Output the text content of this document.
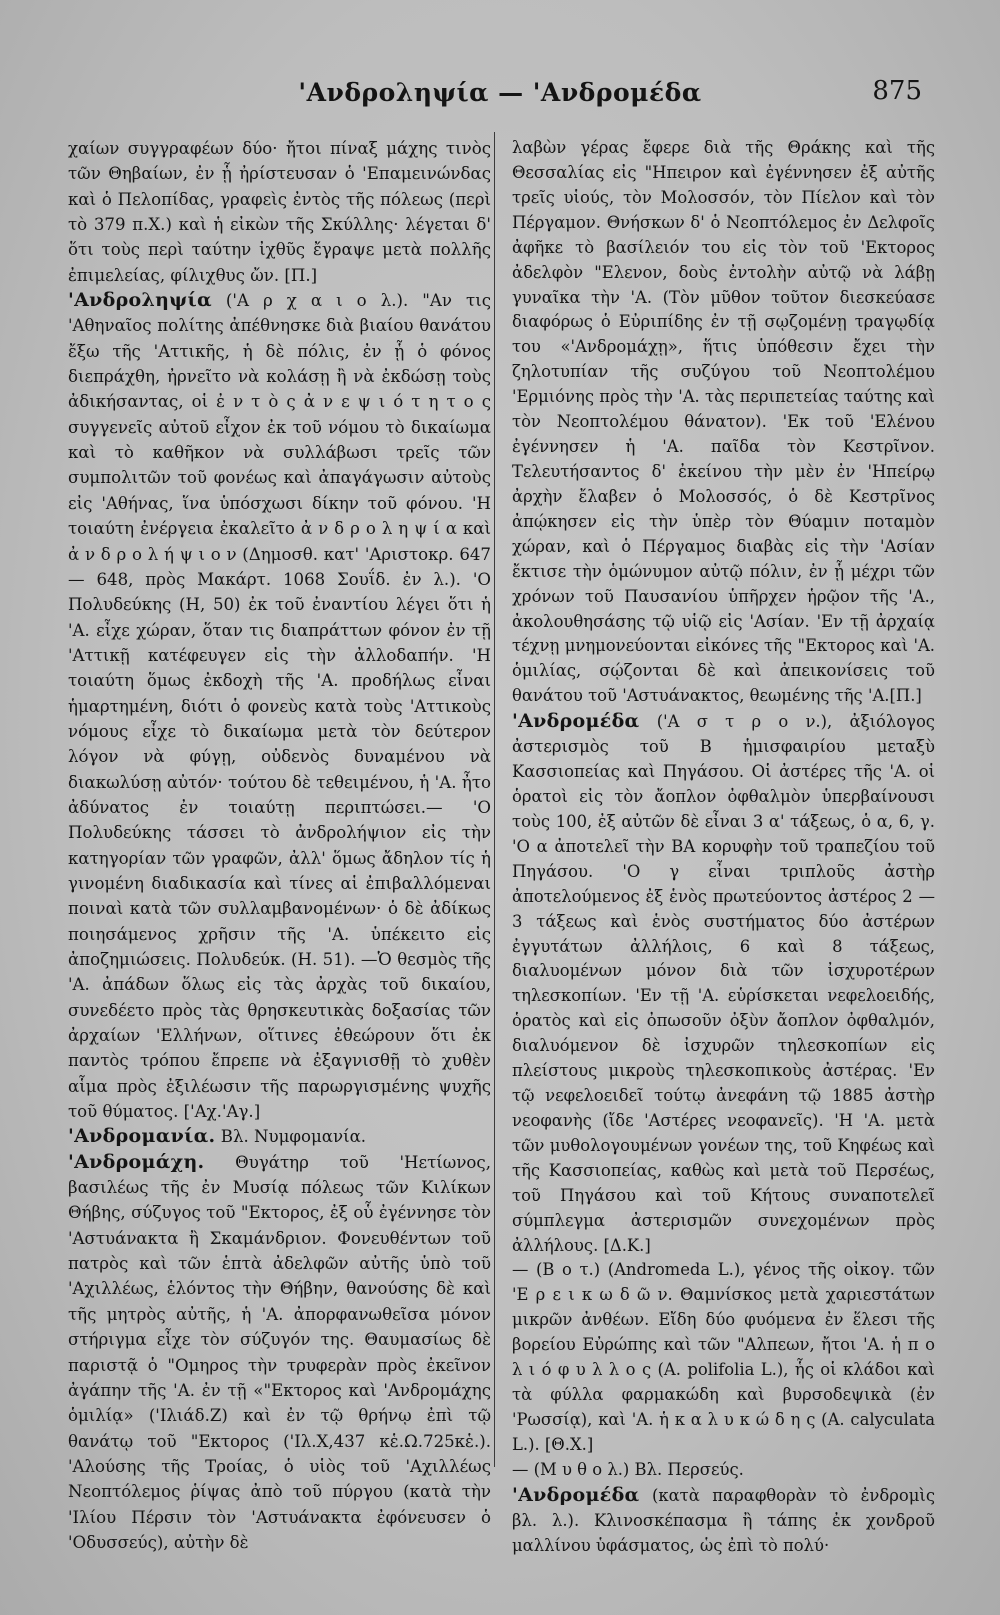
'Ανδροληψία — 'Ανδρομέδα	875

χαίων συγγραφέων δύο· ἤτοι πίναξ μάχης τινὸς τῶν Θηβαίων, ἐν ᾗ ἠρίστευσαν ὁ 'Επαμεινώνδας καὶ ὁ Πελοπίδας, γραφεὶς ἐντὸς τῆς πόλεως (περὶ τὸ 379 π.Χ.) καὶ ἡ εἰκὼν τῆς Σκύλλης· λέγεται δ' ὅτι τοὺς περὶ ταύτην ἰχθῦς ἔγραψε μετὰ πολλῆς ἐπιμελείας, φίλιχθυς ὤν. [Π.]

'Ανδροληψία ('Α ρ χ α ι ο λ.). "Αν τις 'Αθηναῖος πολίτης ἀπέθνησκε διὰ βιαίου θανάτου ἔξω τῆς 'Αττικῆς, ἡ δὲ πόλις, ἐν ᾗ ὁ φόνος διεπράχθη, ἠρνεῖτο νὰ κολάσῃ ἢ νὰ ἐκδώσῃ τοὺς ἀδικήσαντας, οἱ ἐ ν τ ὸ ς ἀ ν ε ψ ι ό τ η τ ο ς συγγενεῖς αὐτοῦ εἶχον ἐκ τοῦ νόμου τὸ δικαίωμα καὶ τὸ καθῆκον νὰ συλλάβωσι τρεῖς τῶν συμπολιτῶν τοῦ φονέως καὶ ἀπαγάγωσιν αὐτοὺς εἰς 'Αθήνας, ἵνα ὑπόσχωσι δίκην τοῦ φόνου. 'Η τοιαύτη ἐνέργεια ἐκαλεῖτο ἀ ν δ ρ ο λ η ψ ί α καὶ ἀ ν δ ρ ο λ ή ψ ι ο ν (Δημοσθ. κατ' 'Αριστοκρ. 647 — 648, πρὸς Μακάρτ. 1068 Σουΐδ. ἐν λ.). 'Ο Πολυδεύκης (Η, 50) ἐκ τοῦ ἐναντίου λέγει ὅτι ἡ 'Α. εἶχε χώραν, ὅταν τις διαπράττων φόνον ἐν τῇ 'Αττικῇ κατέφευγεν εἰς τὴν ἀλλοδαπήν. 'Η τοιαύτη ὅμως ἐκδοχὴ τῆς 'Α. προδήλως εἶναι ἡμαρτημένη, διότι ὁ φονεὺς κατὰ τοὺς 'Αττικοὺς νόμους εἶχε τὸ δικαίωμα μετὰ τὸν δεύτερον λόγον νὰ φύγῃ, οὐδενὸς δυναμένου νὰ διακωλύσῃ αὐτόν· τούτου δὲ τεθειμένου, ἡ 'Α. ἦτο ἀδύνατος ἐν τοιαύτῃ περιπτώσει.— 'Ο Πολυδεύκης τάσσει τὸ ἀνδρολήψιον εἰς τὴν κατηγορίαν τῶν γραφῶν, ἀλλ' ὅμως ἄδηλον τίς ἡ γινομένη διαδικασία καὶ τίνες αἱ ἐπιβαλλόμεναι ποιναὶ κατὰ τῶν συλλαμβανομένων· ὁ δὲ ἀδίκως ποιησάμενος χρῆσιν τῆς 'Α. ὑπέκειτο εἰς ἀποζημιώσεις. Πολυδεύκ. (Η. 51). —Ὁ θεσμὸς τῆς 'Α. ἀπάδων ὅλως εἰς τὰς ἀρχὰς τοῦ δικαίου, συνεδέετο πρὸς τὰς θρησκευτικὰς δοξασίας τῶν ἀρχαίων 'Ελλήνων, οἵτινες ἐθεώρουν ὅτι ἐκ παντὸς τρόπου ἔπρεπε νὰ ἐξαγνισθῇ τὸ χυθὲν αἷμα πρὸς ἐξιλέωσιν τῆς παρωργισμένης ψυχῆς τοῦ θύματος. ['Αχ.'Αγ.]

'Ανδρομανία. Βλ. Νυμφομανία.

'Ανδρομάχη. Θυγάτηρ τοῦ 'Ηετίωνος, βασιλέως τῆς ἐν Μυσίᾳ πόλεως τῶν Κιλίκων Θήβης, σύζυγος τοῦ "Εκτορος, ἐξ οὗ ἐγέννησε τὸν 'Αστυάνακτα ἢ Σκαμάνδριον. Φονευθέντων τοῦ πατρὸς καὶ τῶν ἑπτὰ ἀδελφῶν αὐτῆς ὑπὸ τοῦ 'Αχιλλέως, ἑλόντος τὴν Θήβην, θανούσης δὲ καὶ τῆς μητρὸς αὐτῆς, ἡ 'Α. ἀπορφανωθεῖσα μόνον στήριγμα εἶχε τὸν σύζυγόν της. Θαυμασίως δὲ παριστᾷ ὁ "Ομηρος τὴν τρυφερὰν πρὸς ἐκεῖνον ἀγάπην τῆς 'Α. ἐν τῇ «"Εκτορος καὶ 'Ανδρομάχης ὁμιλίᾳ» ('Ιλιάδ.Ζ) καὶ ἐν τῷ θρήνῳ ἐπὶ τῷ θανάτῳ τοῦ "Εκτορος ('Ιλ.Χ,437 κἑ.Ω.725κἑ.). 'Αλούσης τῆς Τροίας, ὁ υἱὸς τοῦ 'Αχιλλέως Νεοπτόλεμος ῥίψας ἀπὸ τοῦ πύργου (κατὰ τὴν 'Ιλίου Πέρσιν τὸν 'Αστυάνακτα ἐφόνευσεν ὁ 'Οδυσσεύς), αὐτὴν δὲ

λαβὼν γέρας ἔφερε διὰ τῆς Θράκης καὶ τῆς Θεσσαλίας εἰς "Ηπειρον καὶ ἐγέννησεν ἐξ αὐτῆς τρεῖς υἱούς, τὸν Μολοσσόν, τὸν Πίελον καὶ τὸν Πέργαμον. Θνήσκων δ' ὁ Νεοπτόλεμος ἐν Δελφοῖς ἀφῆκε τὸ βασίλειόν του εἰς τὸν τοῦ 'Εκτορος ἀδελφὸν "Ελενον, δοὺς ἐντολὴν αὐτῷ νὰ λάβῃ γυναῖκα τὴν 'Α. (Τὸν μῦθον τοῦτον διεσκεύασε διαφόρως ὁ Εὐριπίδης ἐν τῇ σῳζομένῃ τραγῳδίᾳ του «'Ανδρομάχῃ», ἥτις ὑπόθεσιν ἔχει τὴν ζηλοτυπίαν τῆς συζύγου τοῦ Νεοπτολέμου 'Ερμιόνης πρὸς τὴν 'Α. τὰς περιπετείας ταύτης καὶ τὸν Νεοπτολέμου θάνατον). 'Εκ τοῦ 'Ελένου ἐγέννησεν ἡ 'Α. παῖδα τὸν Κεστρῖνον. Τελευτήσαντος δ' ἐκείνου τὴν μὲν ἐν 'Ηπείρῳ ἀρχὴν ἔλαβεν ὁ Μολοσσός, ὁ δὲ Κεστρῖνος ἀπῴκησεν εἰς τὴν ὑπὲρ τὸν Θύαμιν ποταμὸν χώραν, καὶ ὁ Πέργαμος διαβὰς εἰς τὴν 'Ασίαν ἔκτισε τὴν ὁμώνυμον αὐτῷ πόλιν, ἐν ᾗ μέχρι τῶν χρόνων τοῦ Παυσανίου ὑπῆρχεν ἡρῷον τῆς 'Α., ἀκολουθησάσης τῷ υἱῷ εἰς 'Ασίαν. 'Εν τῇ ἀρχαίᾳ τέχνῃ μνημονεύονται εἰκόνες τῆς "Εκτορος καὶ 'Α. ὁμιλίας, σῴζονται δὲ καὶ ἀπεικονίσεις τοῦ θανάτου τοῦ 'Αστυάνακτος, θεωμένης τῆς 'Α.[Π.]

'Ανδρομέδα ('Α σ τ ρ ο ν.), ἀξιόλογος ἀστερισμὸς τοῦ Β ἡμισφαιρίου μεταξὺ Κασσιοπείας καὶ Πηγάσου. Οἱ ἀστέρες τῆς 'Α. οἱ ὁρατοὶ εἰς τὸν ἄοπλον ὀφθαλμὸν ὑπερβαίνουσι τοὺς 100, ἐξ αὐτῶν δὲ εἶναι 3 α' τάξεως, ὁ α, 6, γ. 'Ο α ἀποτελεῖ τὴν ΒΑ κορυφὴν τοῦ τραπεζίου τοῦ Πηγάσου. 'Ο γ εἶναι τριπλοῦς ἀστὴρ ἀποτελούμενος ἐξ ἑνὸς πρωτεύοντος ἀστέρος 2 — 3 τάξεως καὶ ἑνὸς συστήματος δύο ἀστέρων ἐγγυτάτων ἀλλήλοις, 6 καὶ 8 τάξεως, διαλυομένων μόνον διὰ τῶν ἰσχυροτέρων τηλεσκοπίων. 'Εν τῇ 'Α. εὑρίσκεται νεφελοειδής, ὁρατὸς καὶ εἰς ὀπωσοῦν ὀξὺν ἄοπλον ὀφθαλμόν, διαλυόμενον δὲ ἰσχυρῶν τηλεσκοπίων εἰς πλείστους μικροὺς τηλεσκοπικοὺς ἀστέρας. 'Εν τῷ νεφελοειδεῖ τούτῳ ἀνεφάνη τῷ 1885 ἀστὴρ νεοφανὴς (ἴδε 'Αστέρες νεοφανεῖς). 'Η 'Α. μετὰ τῶν μυθολογουμένων γονέων της, τοῦ Κηφέως καὶ τῆς Κασσιοπείας, καθὼς καὶ μετὰ τοῦ Περσέως, τοῦ Πηγάσου καὶ τοῦ Κήτους συναποτελεῖ σύμπλεγμα ἀστερισμῶν συνεχομένων πρὸς ἀλλήλους. [Δ.Κ.]

— (Β ο τ.) (Andromeda L.), γένος τῆς οἰκογ. τῶν 'Ε ρ ε ι κ ω δ ῶ ν. Θαμνίσκος μετὰ χαριεστάτων μικρῶν ἀνθέων. Εἴδη δύο φυόμενα ἐν ἕλεσι τῆς βορείου Εὐρώπης καὶ τῶν "Αλπεων, ἤτοι 'Α. ἡ π ο λ ι ό φ υ λ λ ο ς (A. polifolia L.), ἧς οἱ κλάδοι καὶ τὰ φύλλα φαρμακώδη καὶ βυρσοδεψικὰ (ἐν 'Ρωσσίᾳ), καὶ 'Α. ἡ κ α λ υ κ ώ δ η ς (A. calyculata L.). [Θ.Χ.]

— (Μ υ θ ο λ.) Βλ. Περσεύς.

'Ανδρομέδα (κατὰ παραφθορὰν τὸ ἐνδρομὶς βλ. λ.). Κλινοσκέπασμα ἢ τάπης ἐκ χονδροῦ μαλλίνου ὑφάσματος, ὡς ἐπὶ τὸ πολύ·
